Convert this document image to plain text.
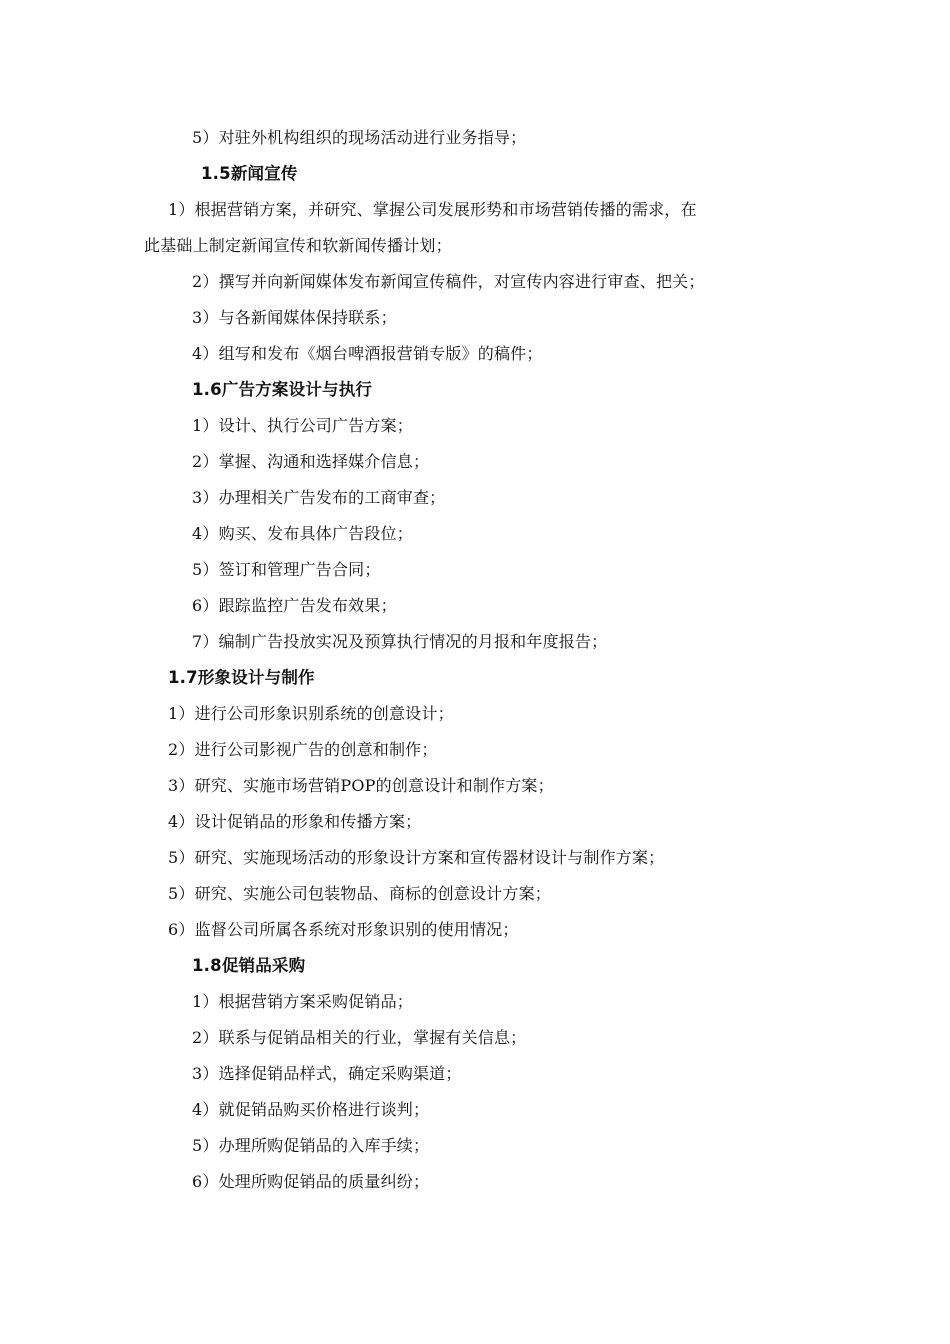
5）对驻外机构组织的现场活动进行业务指导；
1.5新闻宣传
1）根据营销方案，并研究、掌握公司发展形势和市场营销传播的需求，在
此基础上制定新闻宣传和软新闻传播计划；
2）撰写并向新闻媒体发布新闻宣传稿件，对宣传内容进行审查、把关；
3）与各新闻媒体保持联系；
4）组写和发布《烟台啤酒报营销专版》的稿件；
1.6广告方案设计与执行
1）设计、执行公司广告方案；
2）掌握、沟通和选择媒介信息；
3）办理相关广告发布的工商审查；
4）购买、发布具体广告段位；
5）签订和管理广告合同；
6）跟踪监控广告发布效果；
7）编制广告投放实况及预算执行情况的月报和年度报告；
1.7形象设计与制作
1）进行公司形象识别系统的创意设计；
2）进行公司影视广告的创意和制作；
3）研究、实施市场营销POP的创意设计和制作方案；
4）设计促销品的形象和传播方案；
5）研究、实施现场活动的形象设计方案和宣传器材设计与制作方案；
5）研究、实施公司包装物品、商标的创意设计方案；
6）监督公司所属各系统对形象识别的使用情况；
1.8促销品采购
1）根据营销方案采购促销品；
2）联系与促销品相关的行业，掌握有关信息；
3）选择促销品样式，确定采购渠道；
4）就促销品购买价格进行谈判；
5）办理所购促销品的入库手续；
6）处理所购促销品的质量纠纷；
